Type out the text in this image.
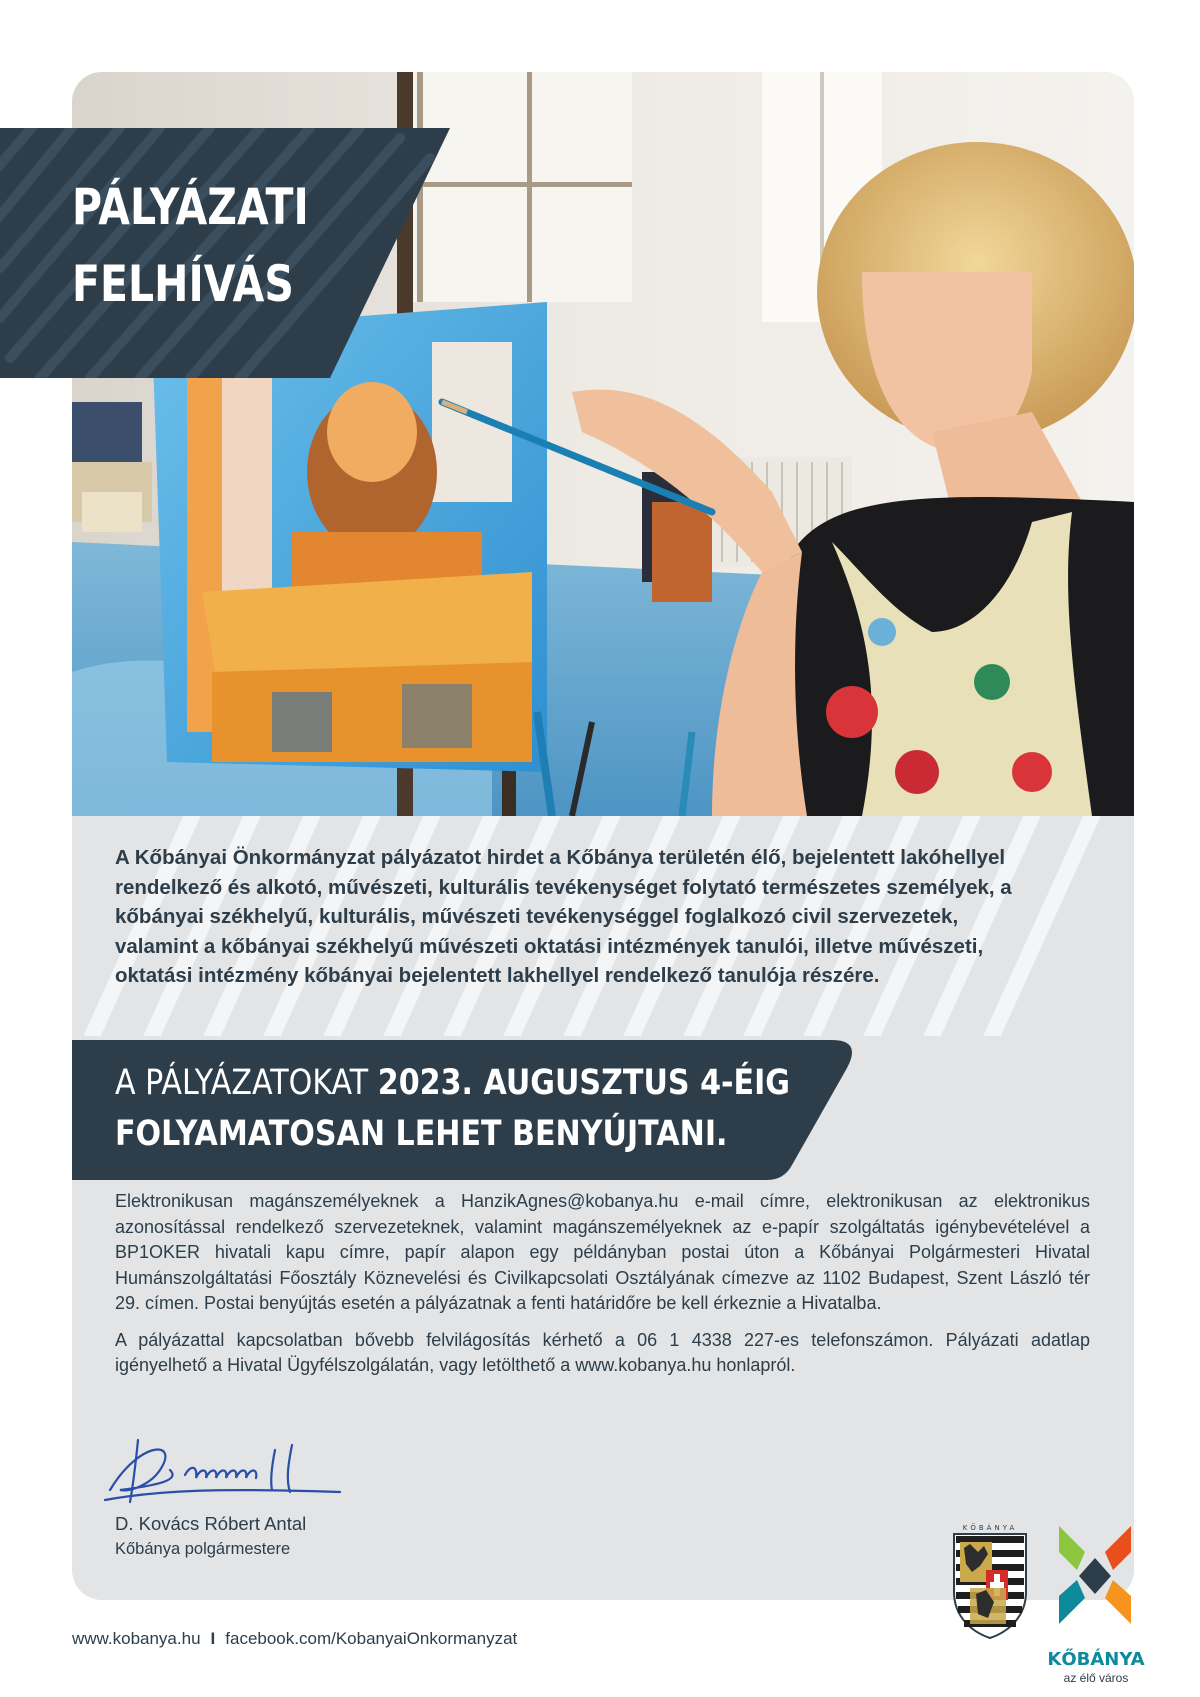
PÁLYÁZATI
FELHÍVÁS
A Kőbányai Önkormányzat pályázatot hirdet a Kőbánya területén élő, bejelentett lakóhellyel rendelkező és alkotó, művészeti, kulturális tevékenységet folytató természetes személyek, a kőbányai székhelyű, kulturális, művészeti tevékenységgel foglalkozó civil szervezetek, valamint a kőbányai székhelyű művészeti oktatási intézmények tanulói, illetve művészeti, oktatási intézmény kőbányai bejelentett lakhellyel rendelkező tanulója részére.
A PÁLYÁZATOKAT 2023. AUGUSZTUS 4-ÉIG
FOLYAMATOSAN LEHET BENYÚJTANI.

Elektronikusan magánszemélyeknek a HanzikAgnes@kobanya.hu e-mail címre, elektronikusan az elektronikus azonosítással rendelkező szervezeteknek, valamint magánszemélyeknek az e-papír szolgáltatás igénybevételével a BP1OKER hivatali kapu címre, papír alapon egy példányban postai úton a Kőbányai Polgármesteri Hivatal Humánszolgáltatási Főosztály Köznevelési és Civilkapcsolati Osztályának címezve az 1102 Budapest, Szent László tér 29. címen. Postai benyújtás esetén a pályázatnak a fenti határidőre be kell érkeznie a Hivatalba.

A pályázattal kapcsolatban bővebb felvilágosítás kérhető a 06 1 4338 227-es telefonszámon. Pályázati adatlap igényelhető a Hivatal Ügyfélszolgálatán, vagy letölthető a www.kobanya.hu honlapról.

D. Kovács Róbert Antal
Kőbánya polgármestere
KŐBÁNYA
KŐBÁNYA
az élő város
www.kobanya.hu I facebook.com/KobanyaiOnkormanyzat
